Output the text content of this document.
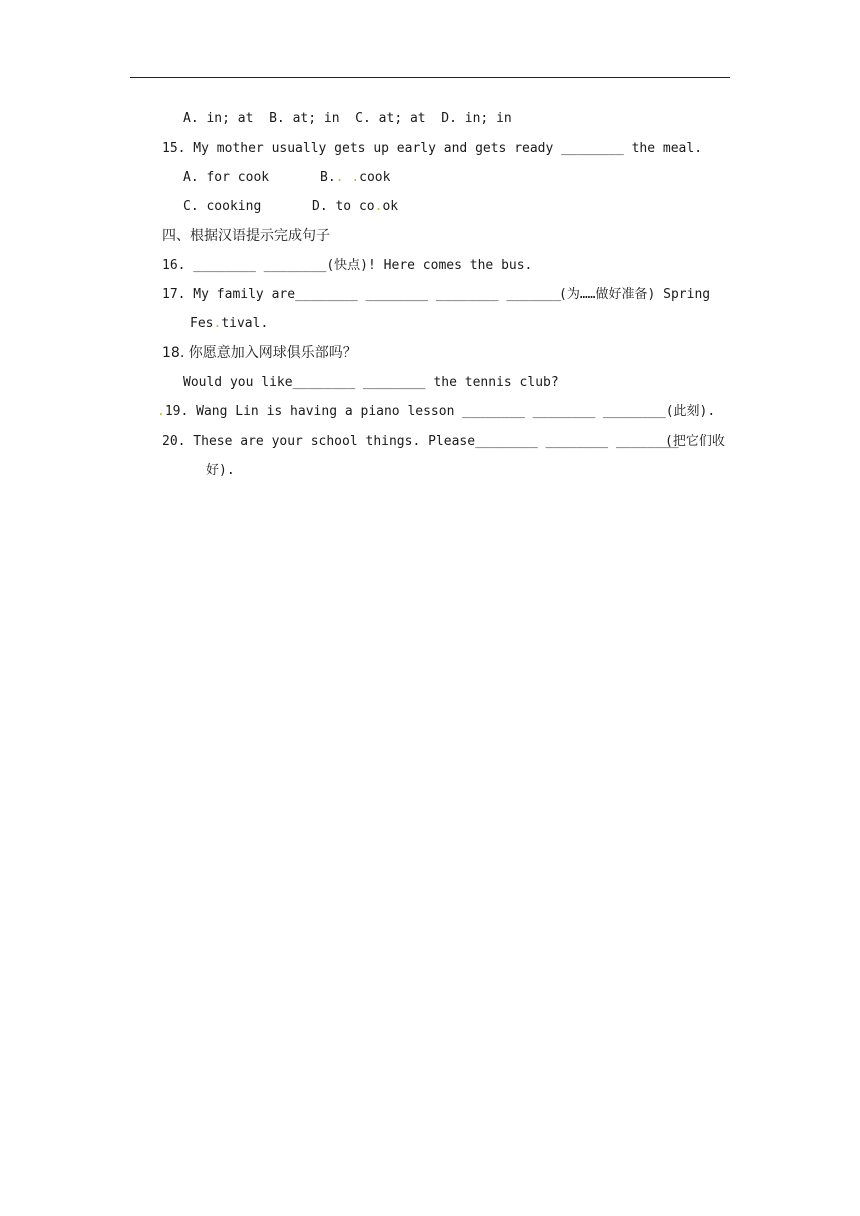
A. in; at  B. at; in  C. at; at  D. in; in
15. My mother usually gets up early and gets ready ________ the meal.
A. for cook	B.. .cook
C. cooking	D. to co.ok
四、根据汉语提示完成句子
16. ________ ________(快点)! Here comes the bus.
17. My family are________ ________ ________ _______
(为……做好准备) Spring
Fes.tival.
18. 你愿意加入网球俱乐部吗？
Would you like________ ________ the tennis club?
.19. Wang Lin is having a piano lesson ________ ________ ________(此刻).
20. These are your school things. Please________ ________ ________
(把它们收
好).
